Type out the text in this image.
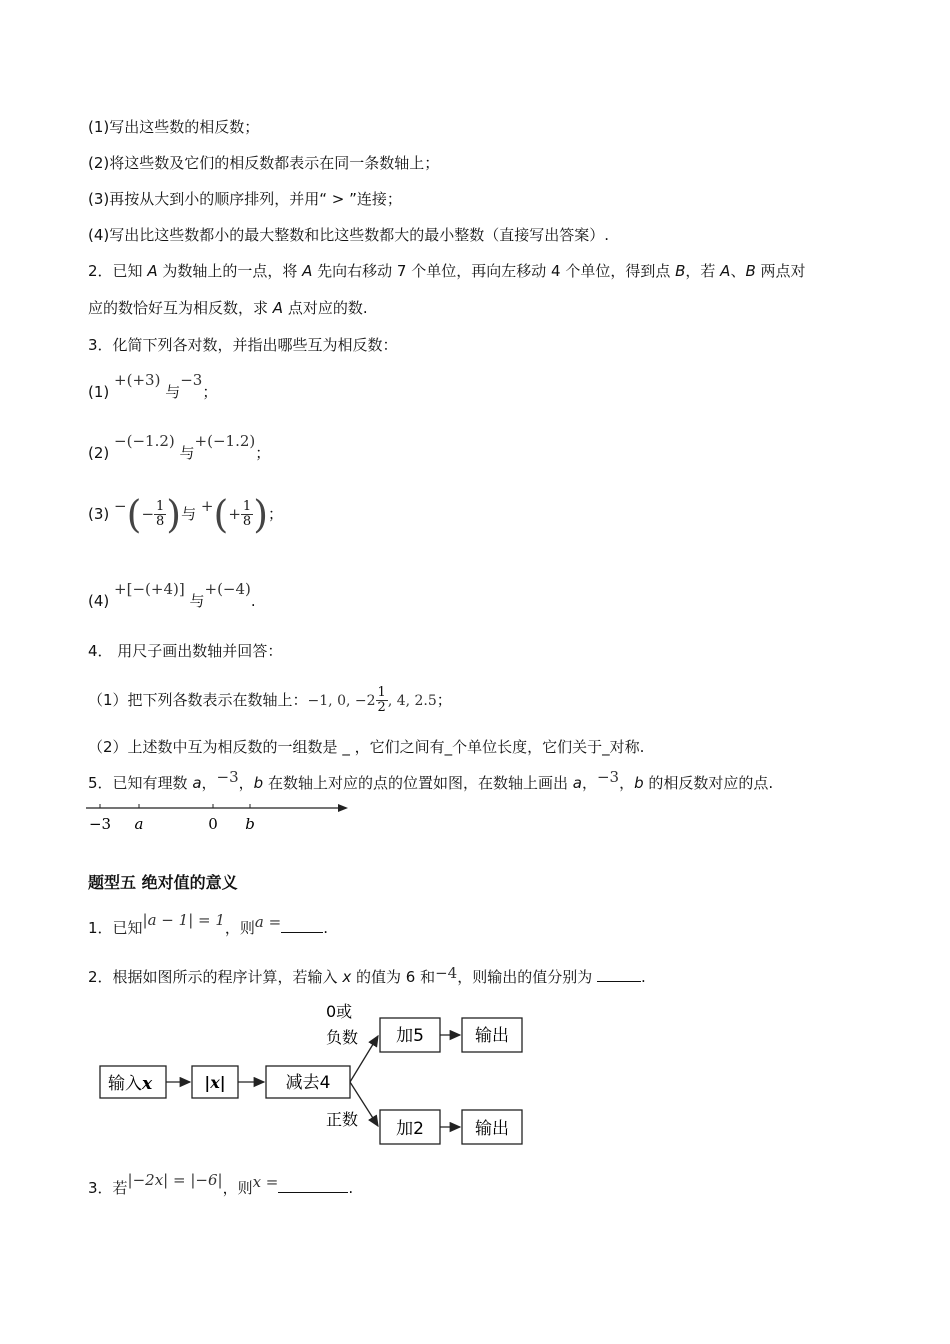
(1)写出这些数的相反数；
(2)将这些数及它们的相反数都表示在同一条数轴上；
(3)再按从大到小的顺序排列，并用“ > ”连接；
(4)写出比这些数都小的最大整数和比这些数都大的最小整数（直接写出答案）.
2．已知 A 为数轴上的一点，将 A 先向右移动 7 个单位，再向左移动 4 个单位，得到点 B，若 A、B 两点对
应的数恰好互为相反数，求 A 点对应的数.
3．化简下列各对数，并指出哪些互为相反数：
(1) +(+3) 与−3；
(2) −(−1.2) 与+(−1.2)；
(3) −(− $\frac{1}{8}$ )与 +(+ $\frac{1}{8}$ )；
(4) +[−(+4)] 与+(−4).
4． 用尺子画出数轴并回答：
（1）把下列各数表示在数轴上：−1, 0, $-2 \frac{1}{2}$ , 4, 2.5；
（2）上述数中互为相反数的一组数是 _ ，它们之间有_个单位长度，它们关于_对称.
5．已知有理数 a，−3，b 在数轴上对应的点的位置如图，在数轴上画出 a，−3，b 的相反数对应的点.
−3 a	0 b
题型五 绝对值的意义
1．已知|a − 1| = 1，则a =	.
2．根据如图所示的程序计算，若输入 x 的值为 6 和−4，则输出的值分别为	.
输入x	|x|	减去4
加5
加2
输出
输出
0或
负数
正数
3．若|−2x| = |−6|，则x =	.
